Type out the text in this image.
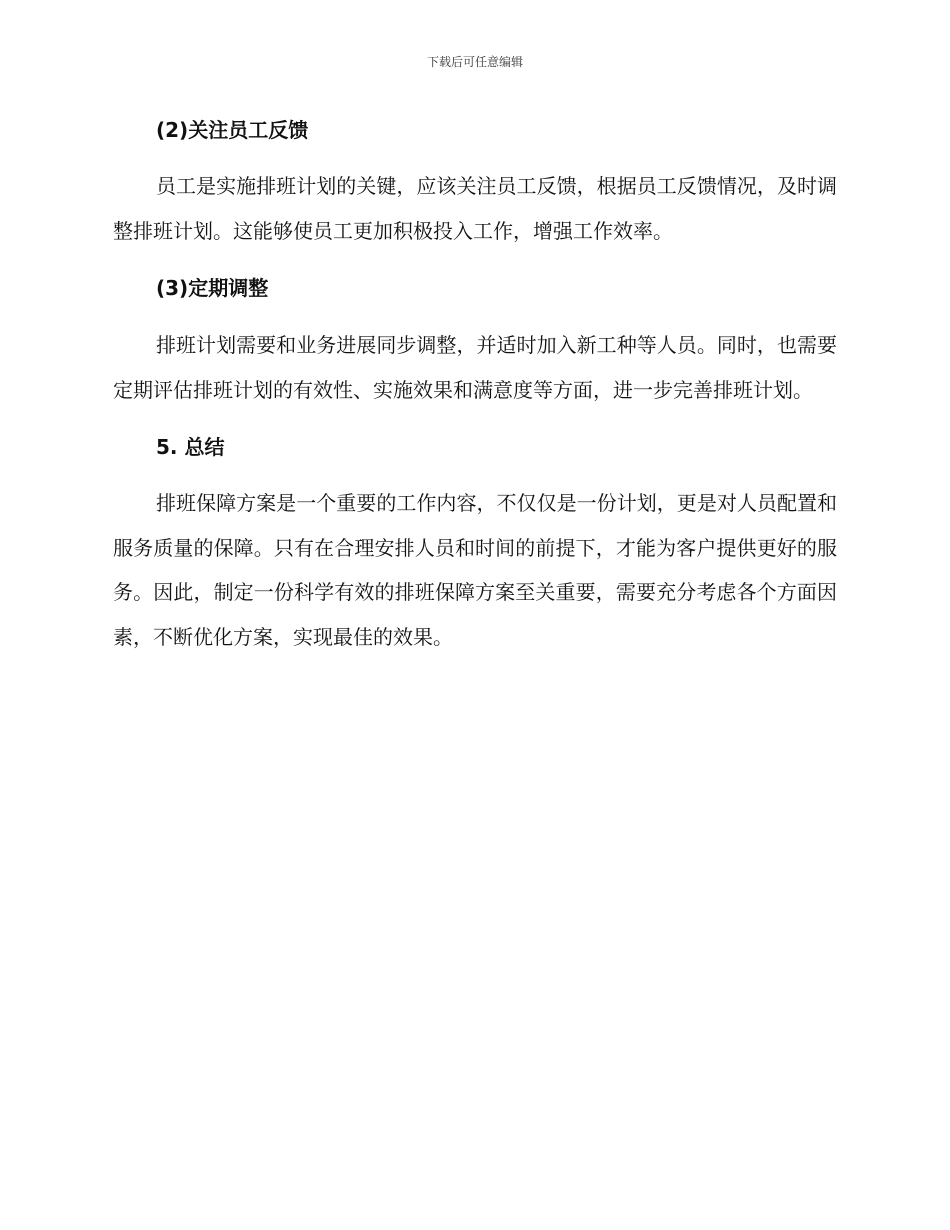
下载后可任意编辑
(2)关注员工反馈

员工是实施排班计划的关键，应该关注员工反馈，根据员工反馈情况，及时调整排班计划。这能够使员工更加积极投入工作，增强工作效率。

(3)定期调整

排班计划需要和业务进展同步调整，并适时加入新工种等人员。同时，也需要定期评估排班计划的有效性、实施效果和满意度等方面，进一步完善排班计划。

5. 总结

排班保障方案是一个重要的工作内容，不仅仅是一份计划，更是对人员配置和服务质量的保障。只有在合理安排人员和时间的前提下，才能为客户提供更好的服务。因此，制定一份科学有效的排班保障方案至关重要，需要充分考虑各个方面因素，不断优化方案，实现最佳的效果。
